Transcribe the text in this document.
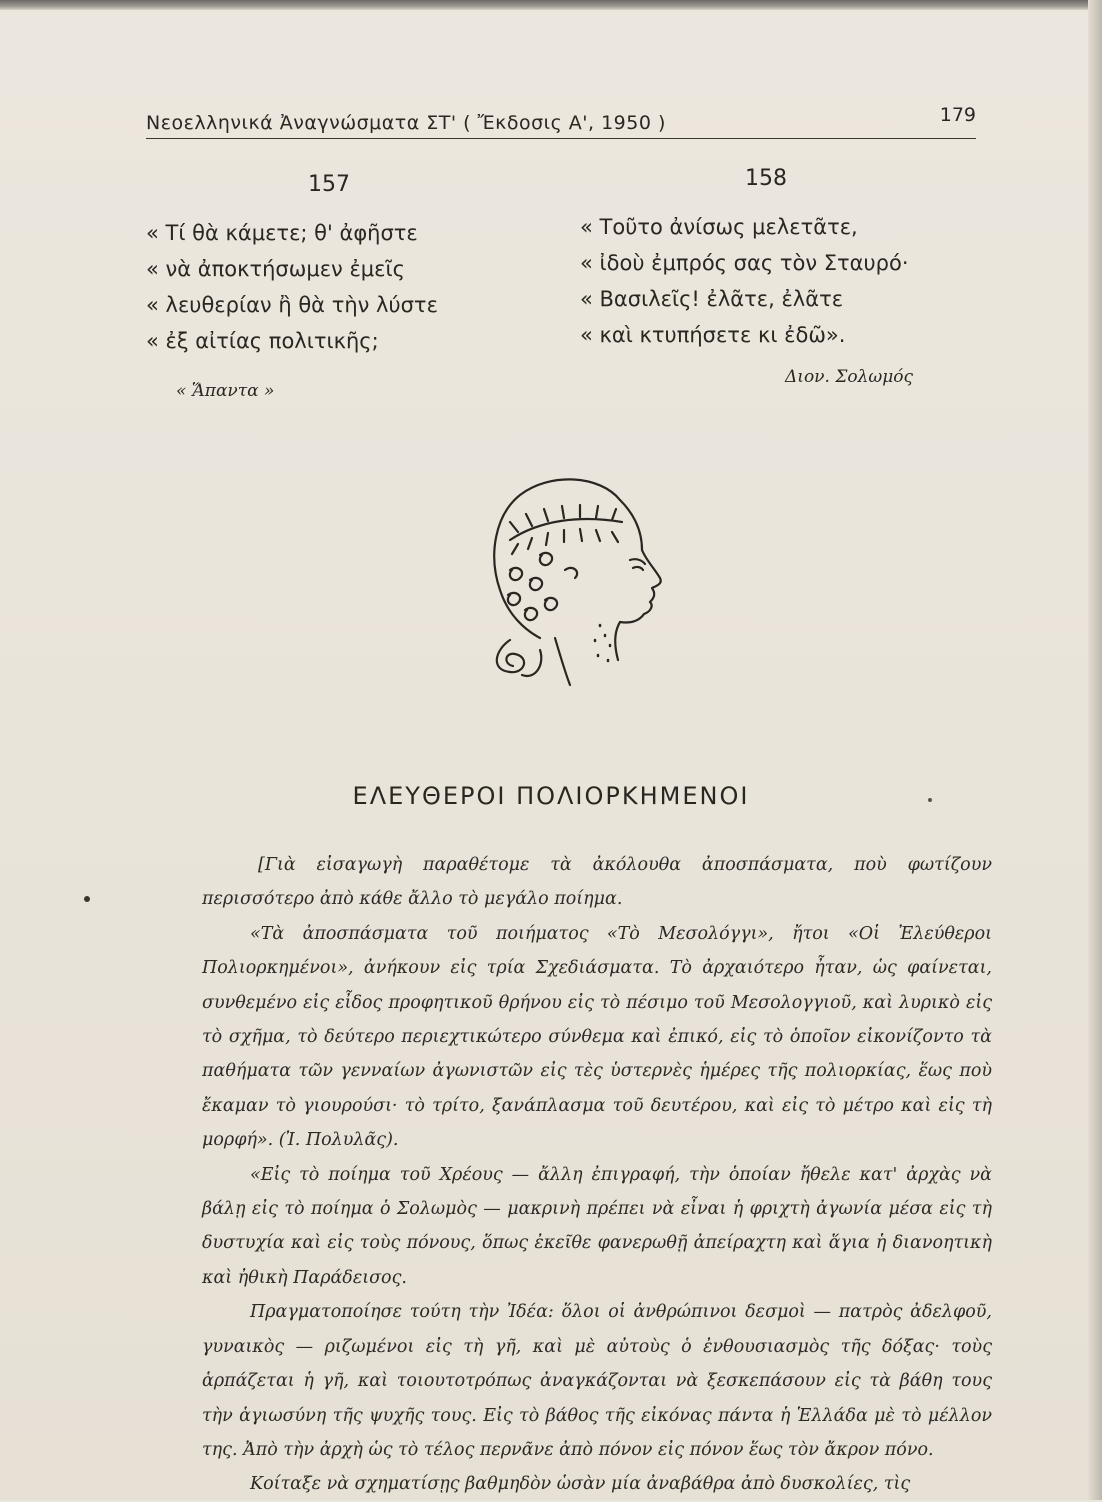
Νεοελληνικά Ἀναγνώσματα ΣΤ' ( Ἔκδοσις Α', 1950 )	179
157
« Τί θὰ κάμετε; θ' ἀφῆστε
« νὰ ἀποκτήσωμεν ἐμεῖς
« λευθερίαν ἢ θὰ τὴν λύστε
« ἐξ αἰτίας πολιτικῆς;
« Ἅπαντα »
158
« Τοῦτο ἀνίσως μελετᾶτε,
« ἰδοὺ ἐμπρός σας τὸν Σταυρό·
« Βασιλεῖς! ἐλᾶτε, ἐλᾶτε
« καὶ κτυπήσετε κι ἐδῶ».
Διον. Σολωμός
ΕΛΕΥΘΕΡΟΙ ΠΟΛΙΟΡΚΗΜΕΝΟΙ

[Γιὰ εἰσαγωγὴ παραθέτομε τὰ ἀκόλουθα ἀποσπάσματα, ποὺ φωτίζουν περισσότερο ἀπὸ κάθε ἄλλο τὸ μεγάλο ποίημα.

«Τὰ ἀποσπάσματα τοῦ ποιήματος «Τὸ Μεσολόγγι», ἤτοι «Οἱ Ἐλεύθεροι Πολιορκημένοι», ἀνήκουν εἰς τρία Σχεδιάσματα. Τὸ ἀρχαιότερο ἦταν, ὡς φαίνεται, συνθεμένο εἰς εἶδος προφητικοῦ θρήνου εἰς τὸ πέσιμο τοῦ Μεσολογγιοῦ, καὶ λυρικὸ εἰς τὸ σχῆμα, τὸ δεύτερο περιεχτικώτερο σύνθεμα καὶ ἐπικό, εἰς τὸ ὁποῖον εἰκονίζοντο τὰ παθήματα τῶν γενναίων ἀγωνιστῶν εἰς τὲς ὑστερνὲς ἡμέρες τῆς πολιορκίας, ἕως ποὺ ἔκαμαν τὸ γιουρούσι· τὸ τρίτο, ξανάπλασμα τοῦ δευτέρου, καὶ εἰς τὸ μέτρο καὶ εἰς τὴ μορφή». (Ἰ. Πολυλᾶς).

«Εἰς τὸ ποίημα τοῦ Χρέους — ἄλλη ἐπιγραφή, τὴν ὁποίαν ἤθελε κατ' ἀρχὰς νὰ βάλῃ εἰς τὸ ποίημα ὁ Σολωμὸς — μακρινὴ πρέπει νὰ εἶναι ἡ φριχτὴ ἀγωνία μέσα εἰς τὴ δυστυχία καὶ εἰς τοὺς πόνους, ὅπως ἐκεῖθε φανερωθῇ ἀπείραχτη καὶ ἅγια ἡ διανοητικὴ καὶ ἠθικὴ Παράδεισος.

Πραγματοποίησε τούτη τὴν Ἰδέα: ὅλοι οἱ ἀνθρώπινοι δεσμοὶ — πατρὸς ἀδελφοῦ, γυναικὸς — ριζωμένοι εἰς τὴ γῆ, καὶ μὲ αὐτοὺς ὁ ἐνθουσιασμὸς τῆς δόξας· τοὺς ἁρπάζεται ἡ γῆ, καὶ τοιουτοτρόπως ἀναγκάζονται νὰ ξεσκεπάσουν εἰς τὰ βάθη τους τὴν ἁγιωσύνη τῆς ψυχῆς τους. Εἰς τὸ βάθος τῆς εἰκόνας πάντα ἡ Ἑλλάδα μὲ τὸ μέλλον της. Ἀπὸ τὴν ἀρχὴ ὡς τὸ τέλος περνᾶνε ἀπὸ πόνον εἰς πόνον ἕως τὸν ἄκρον πόνο.

Κοίταξε νὰ σχηματίσῃς βαθμηδὸν ὡσὰν μία ἀναβάθρα ἀπὸ δυσκολίες, τὶς
